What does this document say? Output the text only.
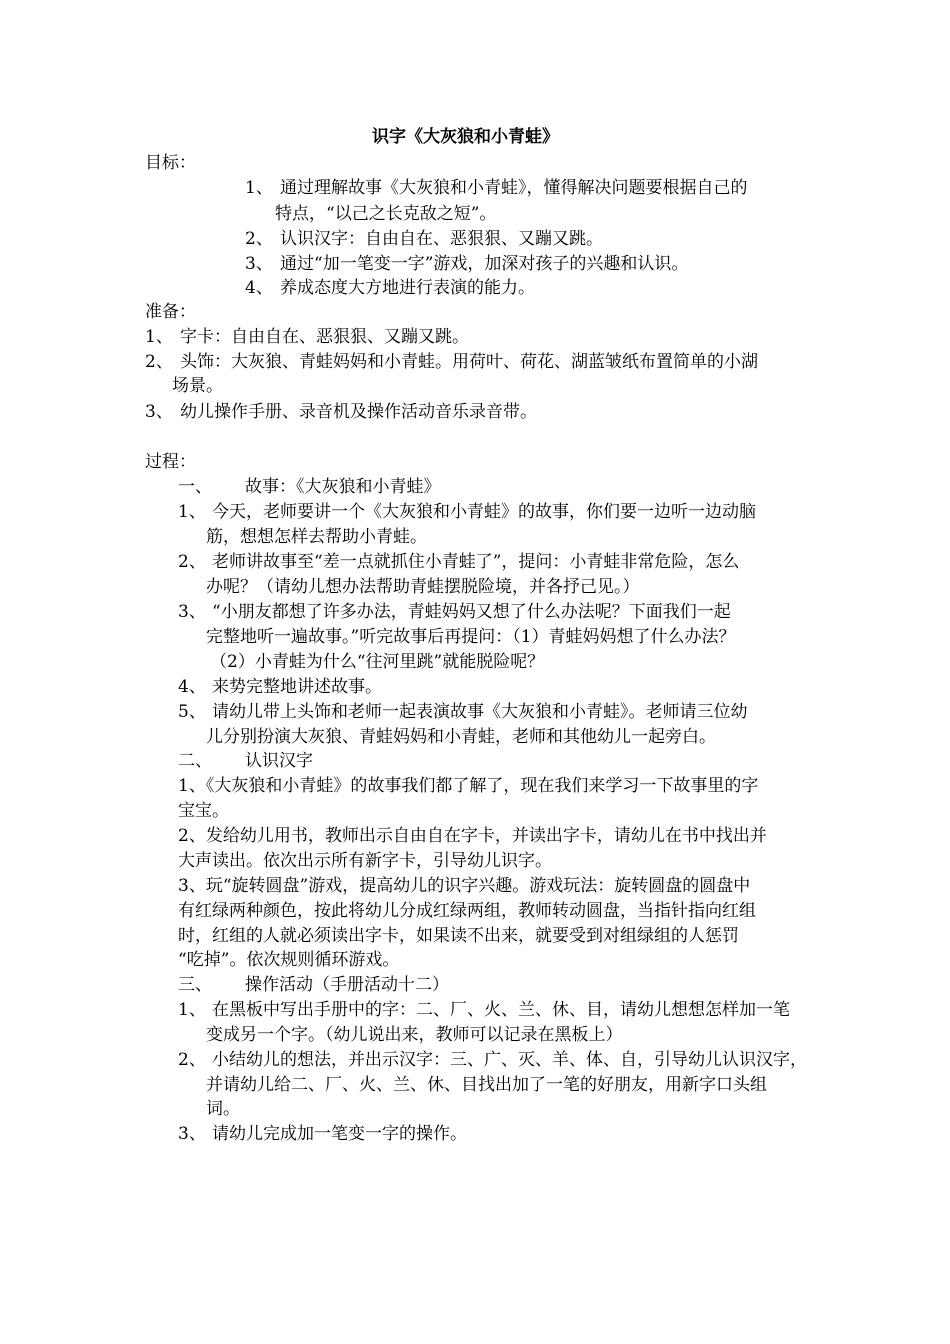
识字《大灰狼和小青蛙》
目标：
1、 通过理解故事《大灰狼和小青蛙》，懂得解决问题要根据自己的
特点，“以己之长克敌之短”。
2、 认识汉字：自由自在、恶狠狠、又蹦又跳。
3、 通过“加一笔变一字”游戏，加深对孩子的兴趣和认识。
4、 养成态度大方地进行表演的能力。
准备：
1、 字卡：自由自在、恶狠狠、又蹦又跳。
2、 头饰：大灰狼、青蛙妈妈和小青蛙。用荷叶、荷花、湖蓝皱纸布置简单的小湖
场景。
3、 幼儿操作手册、录音机及操作活动音乐录音带。
过程：
一、 故事：《大灰狼和小青蛙》
1、 今天，老师要讲一个《大灰狼和小青蛙》的故事，你们要一边听一边动脑
筋，想想怎样去帮助小青蛙。
2、 老师讲故事至“差一点就抓住小青蛙了”，提问：小青蛙非常危险，怎么
办呢？（请幼儿想办法帮助青蛙摆脱险境，并各抒己见。）
3、 “小朋友都想了许多办法，青蛙妈妈又想了什么办法呢？下面我们一起
完整地听一遍故事。”听完故事后再提问：（1）青蛙妈妈想了什么办法？
（2）小青蛙为什么“往河里跳”就能脱险呢？
4、 来势完整地讲述故事。
5、 请幼儿带上头饰和老师一起表演故事《大灰狼和小青蛙》。老师请三位幼
儿分别扮演大灰狼、青蛙妈妈和小青蛙，老师和其他幼儿一起旁白。
二、 认识汉字
1、《大灰狼和小青蛙》的故事我们都了解了，现在我们来学习一下故事里的字
宝宝。
2、发给幼儿用书，教师出示自由自在字卡，并读出字卡，请幼儿在书中找出并
大声读出。依次出示所有新字卡，引导幼儿识字。
3、玩“旋转圆盘”游戏，提高幼儿的识字兴趣。游戏玩法：旋转圆盘的圆盘中
有红绿两种颜色，按此将幼儿分成红绿两组，教师转动圆盘，当指针指向红组
时，红组的人就必须读出字卡，如果读不出来，就要受到对组绿组的人惩罚
“吃掉”。依次规则循环游戏。
三、 操作活动（手册活动十二）
1、 在黑板中写出手册中的字：二、厂、火、兰、休、目，请幼儿想想怎样加一笔
变成另一个字。（幼儿说出来，教师可以记录在黑板上）
2、 小结幼儿的想法，并出示汉字：三、广、灭、羊、体、自，引导幼儿认识汉字，
并请幼儿给二、厂、火、兰、休、目找出加了一笔的好朋友，用新字口头组
词。
3、 请幼儿完成加一笔变一字的操作。
